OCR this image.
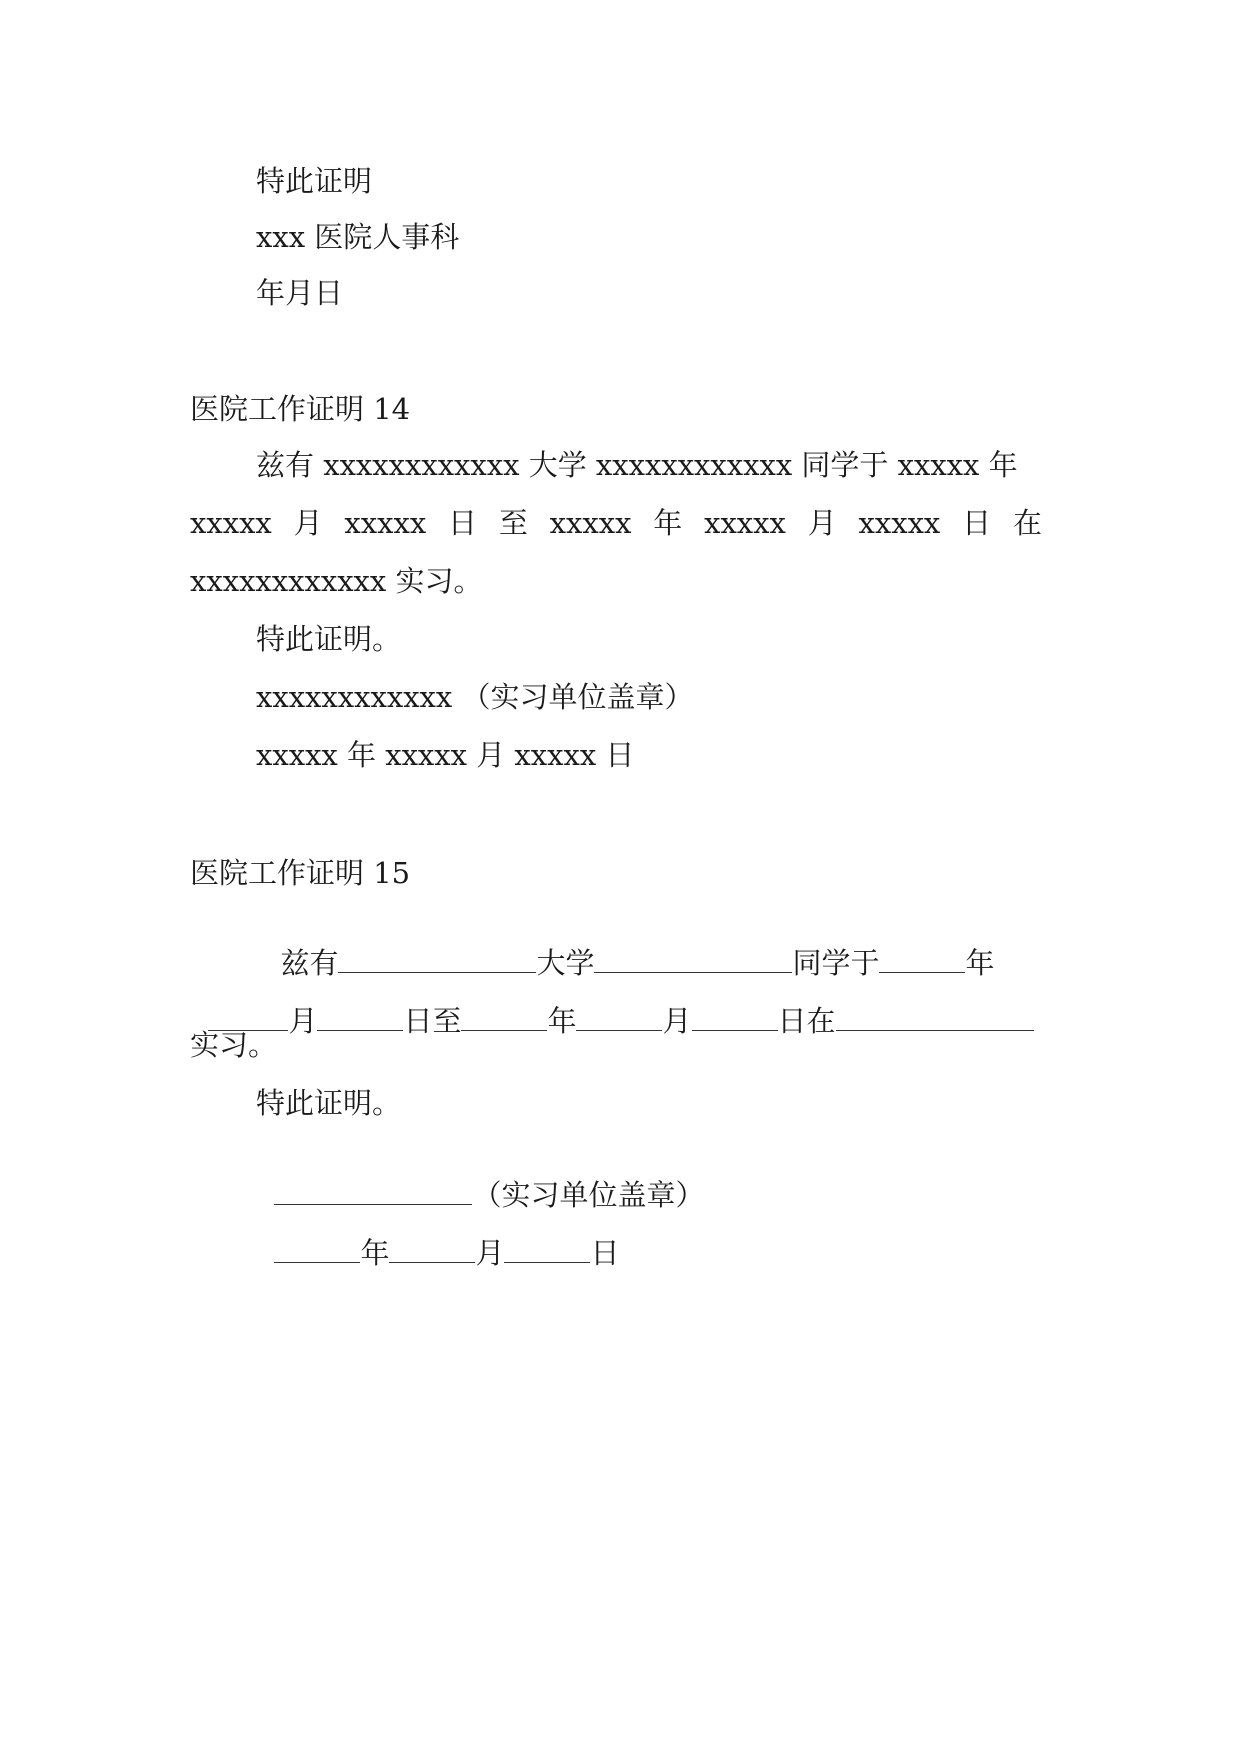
特此证明
xxx 医院人事科
年月日
医院工作证明 14
兹有 xxxxxxxxxxxx 大学 xxxxxxxxxxxx 同学于 xxxxx 年
xxxxx 月 xxxxx 日 至 xxxxx 年 xxxxx 月 xxxxx 日 在
xxxxxxxxxxxx 实习。
特此证明。
xxxxxxxxxxxx （实习单位盖章）
xxxxx 年 xxxxx 月 xxxxx 日
医院工作证明 15

兹有	大学	同学于	年

月	日至	年	月	日在

实习。
特此证明。

（实习单位盖章）

年	月	日
